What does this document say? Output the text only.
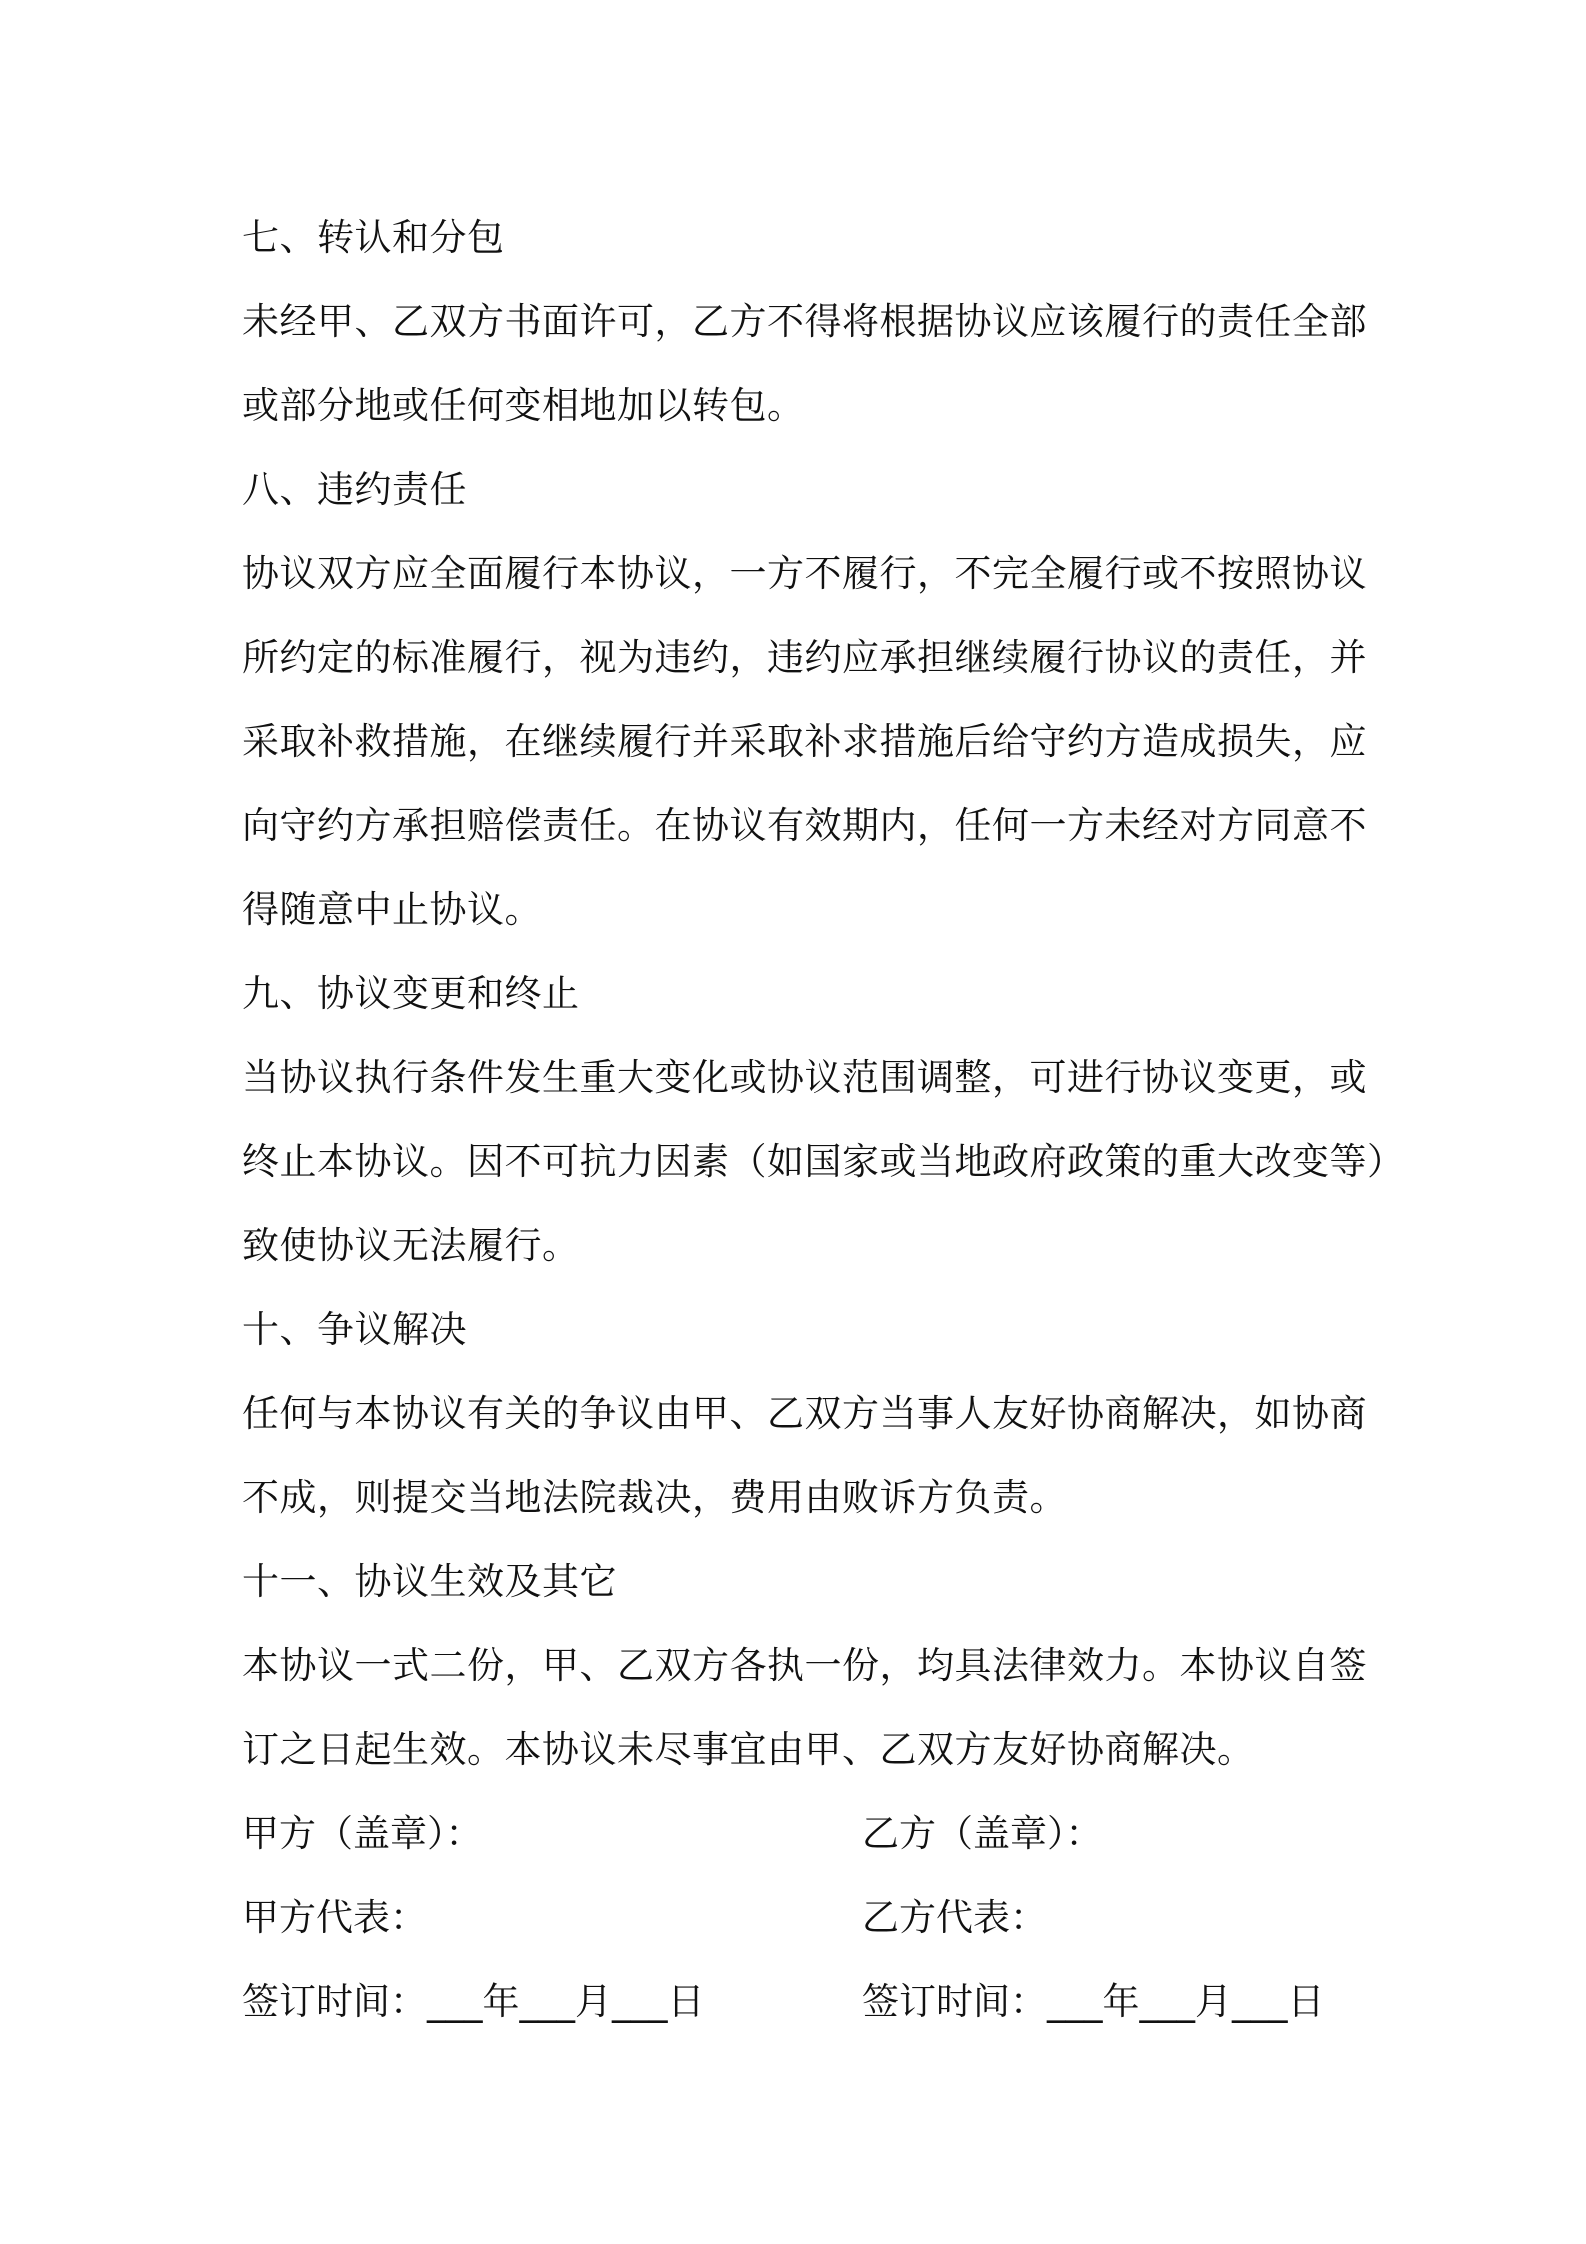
七、转认和分包
未经甲、乙双方书面许可，乙方不得将根据协议应该履行的责任全部
或部分地或任何变相地加以转包。
八、违约责任
协议双方应全面履行本协议，一方不履行，不完全履行或不按照协议
所约定的标准履行，视为违约，违约应承担继续履行协议的责任，并
采取补救措施，在继续履行并采取补求措施后给守约方造成损失，应
向守约方承担赔偿责任。在协议有效期内，任何一方未经对方同意不
得随意中止协议。
九、协议变更和终止
当协议执行条件发生重大变化或协议范围调整，可进行协议变更，或
终止本协议。因不可抗力因素（如国家或当地政府政策的重大改变等）
致使协议无法履行。
十、争议解决
任何与本协议有关的争议由甲、乙双方当事人友好协商解决，如协商
不成，则提交当地法院裁决，费用由败诉方负责。
十一、协议生效及其它
本协议一式二份，甲、乙双方各执一份，均具法律效力。本协议自签
订之日起生效。本协议未尽事宜由甲、乙双方友好协商解决。
甲方（盖章）：	乙方（盖章）：
甲方代表：	乙方代表：
签订时间：___年___月___日	签订时间：___年___月___日
